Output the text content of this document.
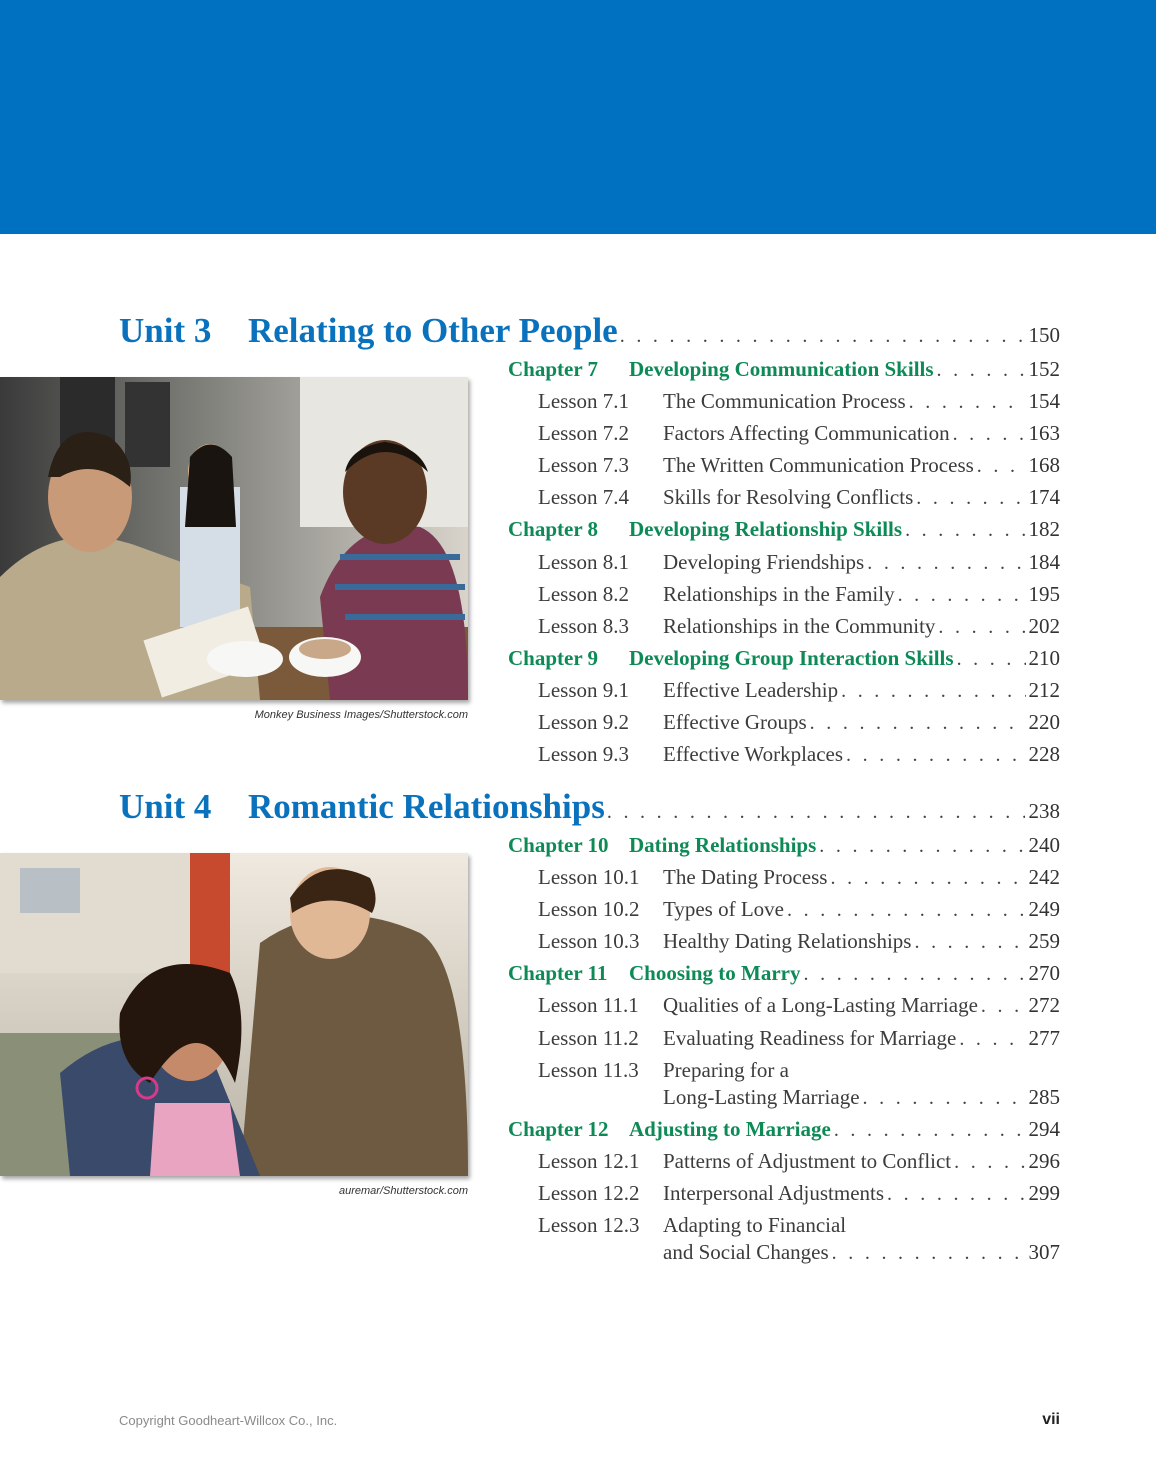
Unit 3	Relating to Other People . . .	150
Monkey Business Images/Shutterstock.com
Chapter 7	Developing Communication Skills . . .	152
Lesson 7.1	The Communication Process . . .	154
Lesson 7.2	Factors Affecting Communication . . .	163
Lesson 7.3	The Written Communication Process . . .	168
Lesson 7.4	Skills for Resolving Conflicts . . .	174
Chapter 8	Developing Relationship Skills . . .	182
Lesson 8.1	Developing Friendships . . .	184
Lesson 8.2	Relationships in the Family . . .	195
Lesson 8.3	Relationships in the Community . . .	202
Chapter 9	Developing Group Interaction Skills . . .	210
Lesson 9.1	Effective Leadership . . .	212
Lesson 9.2	Effective Groups . . .	220
Lesson 9.3	Effective Workplaces . . .	228
Unit 4	Romantic Relationships . . .	238
auremar/Shutterstock.com
Chapter 10 Dating Relationships . . .	240
Lesson 10.1	The Dating Process . . .	242
Lesson 10.2	Types of Love . . .	249
Lesson 10.3	Healthy Dating Relationships . . .	259
Chapter 11	Choosing to Marry . . .	270
Lesson 11.1	Qualities of a Long-Lasting Marriage . . . 272
Lesson 11.2	Evaluating Readiness for Marriage . . .	277
Lesson 11.3	Preparing for a
Long-Lasting Marriage . . .	285
Chapter 12 Adjusting to Marriage . . .	294
Lesson 12.1	Patterns of Adjustment to Conflict . . .	296
Lesson 12.2	Interpersonal Adjustments . . .	299
Lesson 12.3	Adapting to Financial
and Social Changes . . .	307
Copyright Goodheart-Willcox Co., Inc.	vii
